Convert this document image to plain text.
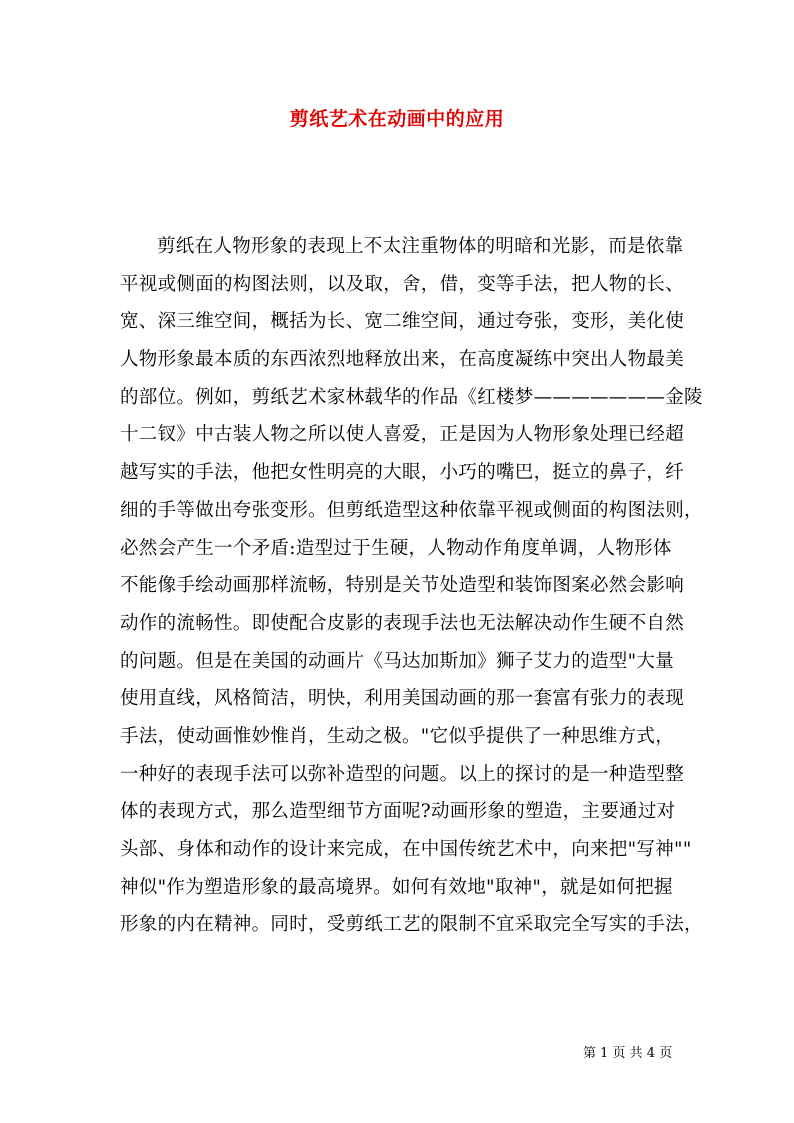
剪纸艺术在动画中的应用
剪纸在人物形象的表现上不太注重物体的明暗和光影，而是依靠
平视或侧面的构图法则，以及取，舍，借，变等手法，把人物的长、
宽、深三维空间，概括为长、宽二维空间，通过夸张，变形，美化使
人物形象最本质的东西浓烈地释放出来，在高度凝练中突出人物最美
的部位。例如，剪纸艺术家林载华的作品《红楼梦———————金陵
十二钗》中古装人物之所以使人喜爱，正是因为人物形象处理已经超
越写实的手法，他把女性明亮的大眼，小巧的嘴巴，挺立的鼻子，纤
细的手等做出夸张变形。但剪纸造型这种依靠平视或侧面的构图法则，
必然会产生一个矛盾:造型过于生硬，人物动作角度单调，人物形体
不能像手绘动画那样流畅，特别是关节处造型和装饰图案必然会影响
动作的流畅性。即使配合皮影的表现手法也无法解决动作生硬不自然
的问题。但是在美国的动画片《马达加斯加》狮子艾力的造型"大量
使用直线，风格简洁，明快，利用美国动画的那一套富有张力的表现
手法，使动画惟妙惟肖，生动之极。"它似乎提供了一种思维方式，
一种好的表现手法可以弥补造型的问题。以上的探讨的是一种造型整
体的表现方式，那么造型细节方面呢?动画形象的塑造，主要通过对
头部、身体和动作的设计来完成，在中国传统艺术中，向来把"写神""
神似"作为塑造形象的最高境界。如何有效地"取神"，就是如何把握
形象的内在精神。同时，受剪纸工艺的限制不宜采取完全写实的手法，
第 1 页 共 4 页
